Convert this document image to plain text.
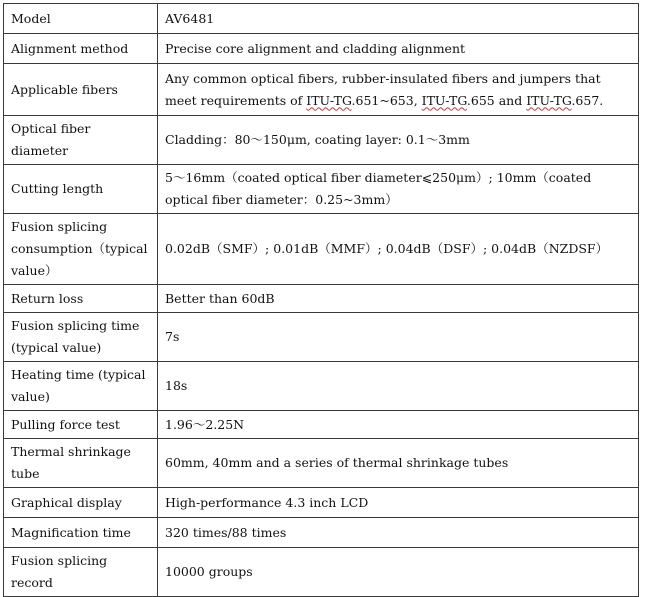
Model	AV6481
Alignment method	Precise core alignment and cladding alignment
Applicable fibers	Any common optical fibers, rubber-insulated fibers and jumpers that meet requirements of ITU-TG.651~653, ITU-TG.655 and ITU-TG.657.
Optical fiber diameter	Cladding：80～150μm, coating layer: 0.1～3mm
Cutting length	5～16mm（coated optical fiber diameter⩽250μm）; 10mm（coated optical fiber diameter：0.25~3mm）
Fusion splicing consumption（typical value）	0.02dB（SMF）; 0.01dB（MMF）; 0.04dB（DSF）; 0.04dB（NZDSF）
Return loss	Better than 60dB
Fusion splicing time (typical value)	7s
Heating time (typical value)	18s
Pulling force test	1.96～2.25N
Thermal shrinkage tube	60mm, 40mm and a series of thermal shrinkage tubes
Graphical display	High-performance 4.3 inch LCD
Magnification time	320 times/88 times
Fusion splicing record	10000 groups
